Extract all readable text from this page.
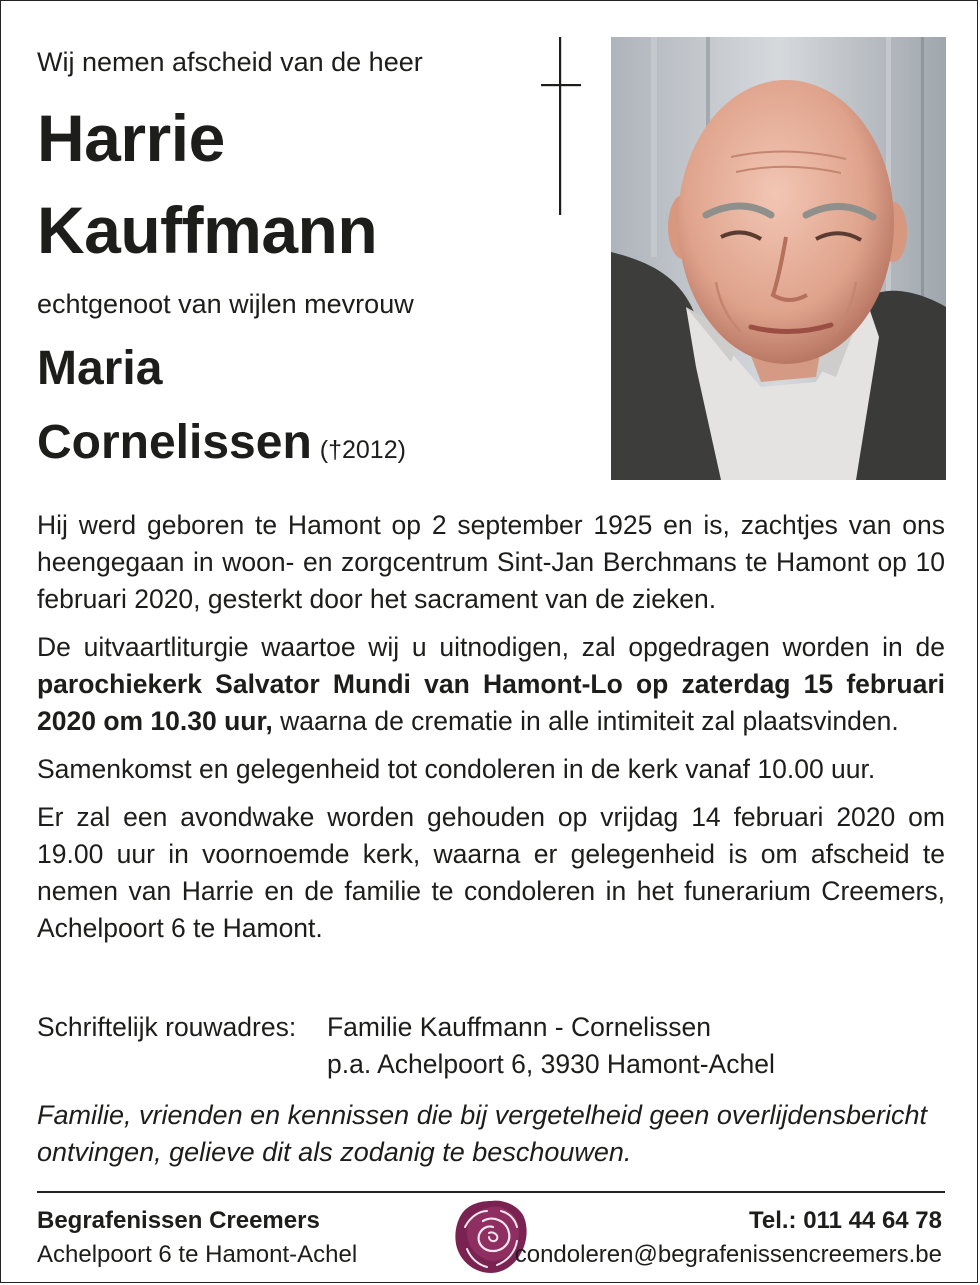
Wij nemen afscheid van de heer
Harrie
Kauffmann
echtgenoot van wijlen mevrouw
Maria
Cornelissen (†2012)

Hij werd geboren te Hamont op 2 september 1925 en is, zachtjes van ons heengegaan in woon- en zorgcentrum Sint-Jan Berchmans te Hamont op 10 februari 2020, gesterkt door het sacrament van de zieken.

De uitvaartliturgie waartoe wij u uitnodigen, zal opgedragen worden in de parochiekerk Salvator Mundi van Hamont-Lo op zaterdag 15 februari 2020 om 10.30 uur, waarna de crematie in alle intimiteit zal plaatsvinden.

Samenkomst en gelegenheid tot condoleren in de kerk vanaf 10.00 uur.

Er zal een avondwake worden gehouden op vrijdag 14 februari 2020 om 19.00 uur in voornoemde kerk, waarna er gelegenheid is om afscheid te nemen van Harrie en de familie te condoleren in het funerarium Creemers, Achelpoort 6 te Hamont.

Schriftelijk rouwadres: Familie Kauffmann - Cornelissen
p.a. Achelpoort 6, 3930 Hamont-Achel
Familie, vrienden en kennissen die bij vergetelheid geen overlijdensbericht ontvingen, gelieve dit als zodanig te beschouwen.
Begrafenissen Creemers
Achelpoort 6 te Hamont-Achel
Tel.: 011 44 64 78
condoleren@begrafenissencreemers.be
